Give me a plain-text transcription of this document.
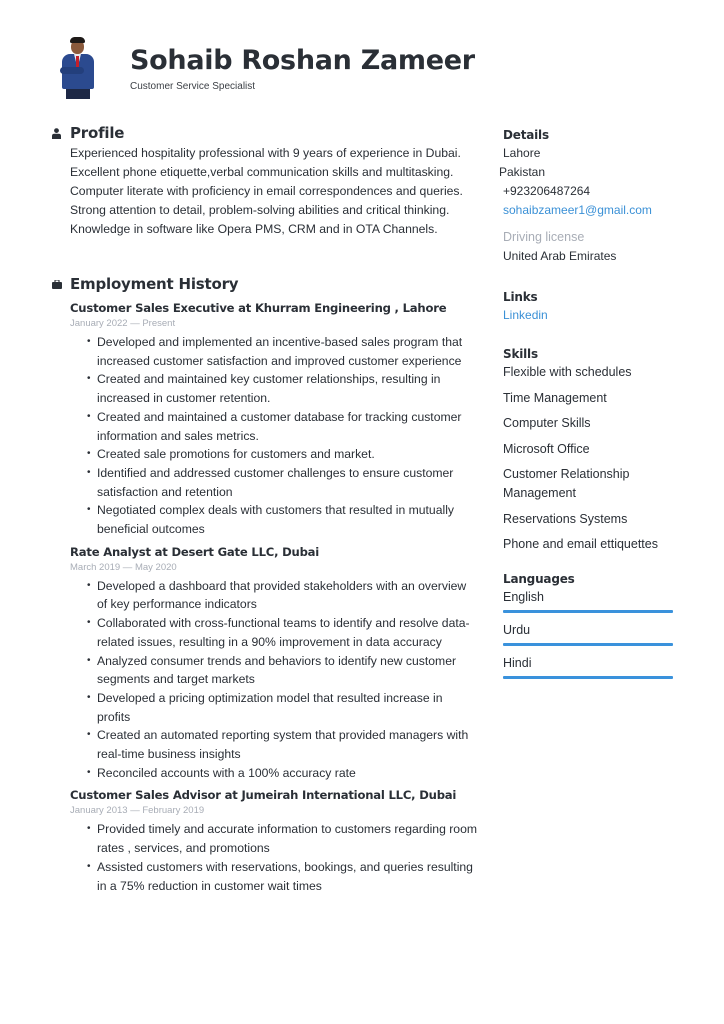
Sohaib Roshan Zameer
Customer Service Specialist
Profile
Experienced hospitality professional with 9 years of experience in Dubai.
Excellent phone etiquette,verbal communication skills and multitasking.
Computer literate with proficiency in email correspondences and queries.
Strong attention to detail, problem-solving abilities and critical thinking.
Knowledge in software like Opera PMS, CRM and in OTA Channels.
Employment History
Customer Sales Executive at Khurram Engineering , Lahore
January 2022 — Present
• Developed and implemented an incentive-based sales program that increased customer satisfaction and improved customer experience
• Created and maintained key customer relationships, resulting in increased in customer retention.
• Created and maintained a customer database for tracking customer information and sales metrics.
• Created sale promotions for customers and market.
• Identified and addressed customer challenges to ensure customer satisfaction and retention
• Negotiated complex deals with customers that resulted in mutually beneficial outcomes
Rate Analyst at Desert Gate LLC, Dubai
March 2019 — May 2020
• Developed a dashboard that provided stakeholders with an overview of key performance indicators
• Collaborated with cross-functional teams to identify and resolve data-related issues, resulting in a 90% improvement in data accuracy
• Analyzed consumer trends and behaviors to identify new customer segments and target markets
• Developed a pricing optimization model that resulted increase in profits
• Created an automated reporting system that provided managers with real-time business insights
• Reconciled accounts with a 100% accuracy rate
Customer Sales Advisor at Jumeirah International LLC, Dubai
January 2013 — February 2019
• Provided timely and accurate information to customers regarding room rates , services, and promotions
• Assisted customers with reservations, bookings, and queries resulting in a 75% reduction in customer wait times
Details
Lahore
Pakistan
+923206487264
sohaibzameer1@gmail.com
Driving license
United Arab Emirates
Links
Linkedin
Skills
Flexible with schedules
Time Management
Computer Skills
Microsoft Office
Customer Relationship Management
Reservations Systems
Phone and email ettiquettes
Languages
English
Urdu
Hindi
